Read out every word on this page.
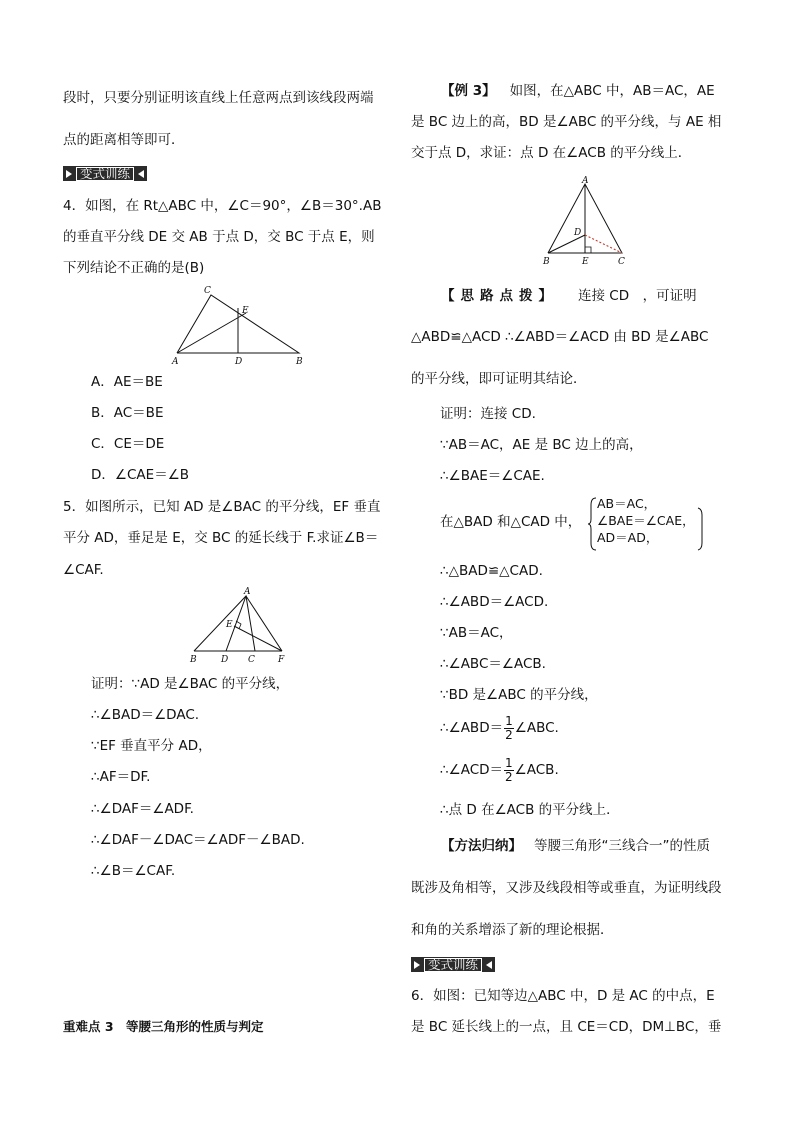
段时，只要分别证明该直线上任意两点到该线段两端
点的距离相等即可．
变式训练
4．如图，在 Rt△ABC 中，∠C＝90°，∠B＝30°.AB
的垂直平分线 DE 交 AB 于点 D，交 BC 于点 E，则
下列结论不正确的是(B)
C
E
A	D	B
A．AE＝BE
B．AC＝BE
C．CE＝DE
D．∠CAE＝∠B
5．如图所示，已知 AD 是∠BAC 的平分线，EF 垂直
平分 AD，垂足是 E，交 BC 的延长线于 F.求证∠B＝
∠CAF.
A
E
B	D C	F
证明：∵AD 是∠BAC 的平分线，
∴∠BAD＝∠DAC.
∵EF 垂直平分 AD，
∴AF＝DF.
∴∠DAF＝∠ADF.
∴∠DAF－∠DAC＝∠ADF－∠BAD.
∴∠B＝∠CAF.
重难点 3　等腰三角形的性质与判定
【例 3】 如图，在△ABC 中，AB＝AC，AE
是 BC 边上的高，BD 是∠ABC 的平分线，与 AE 相
交于点 D，求证：点 D 在∠ACB 的平分线上．
A
D
B	E	C
【思路点拨】 连接 CD　，可证明
△ABD≌△ACD ∴∠ABD＝∠ACD 由 BD 是∠ABC
的平分线，即可证明其结论．
证明：连接 CD.
∵AB＝AC，AE 是 BC 边上的高，
∴∠BAE＝∠CAE.
在△BAD 和△CAD 中，
AB＝AC，
∠BAE＝∠CAE，
AD＝AD，
∴△BAD≌△CAD.
∴∠ABD＝∠ACD.
∵AB＝AC，
∴∠ABC＝∠ACB.
∵BD 是∠ABC 的平分线，
∴∠ABD＝ $\frac{1}{2}$ ∠ABC.
∴∠ACD＝ $\frac{1}{2}$ ∠ACB.
∴点 D 在∠ACB 的平分线上．
【方法归纳】 等腰三角形“三线合一”的性质
既涉及角相等，又涉及线段相等或垂直，为证明线段
和角的关系增添了新的理论根据．
变式训练
6．如图：已知等边△ABC 中，D 是 AC 的中点，E
是 BC 延长线上的一点，且 CE＝CD，DM⊥BC，垂
